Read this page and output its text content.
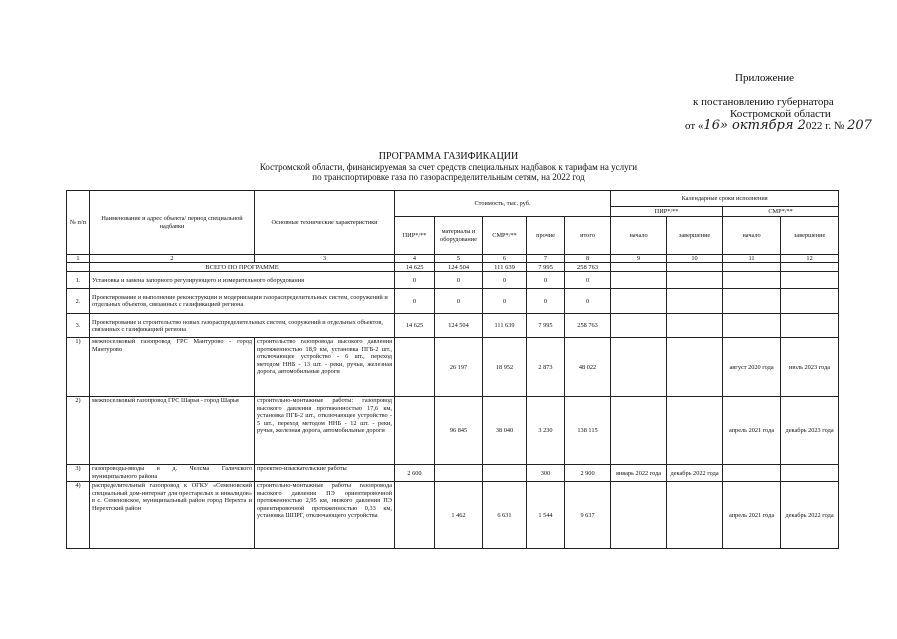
Приложение
к постановлению губернатора
Костромской области
от «16» октября 2022 г. № 207
ПРОГРАММА ГАЗИФИКАЦИИ
Костромской области, финансируемая за счет средств специальных надбавок к тарифам на услуги
по транспортировке газа по газораспределительным сетям, на 2022 год
№ п/п	Наименование и адрес объекта/ период специальной надбавки	Основные технические характеристики	Стоимость, тыс. руб.					Календарные сроки исполнения			
								ПИР*/**		СМР*/**	
			ПИР*/**	материалы и оборудование	СМР*/**	прочие	итого	начало	завершение	начало	завершение
1	2	3	4	5	6	7	8	9	10	11	12
	ВСЕГО ПО ПРОГРАММЕ		14 625	124 504	111 639	7 995	258 763				
1.	Установка и замена запорного регулирующего и измерительного оборудования		0	0	0	0	0				
2.	Проектирование и выполнение реконструкции и модернизации газораспределительных систем, сооружений и отдельных объектов, связанных с газификацией региона		0	0	0	0	0				
3.	Проектирование и строительство новых газораспределительных систем, сооружений и отдельных объектов, связанных с газификацией региона		14 625	124 504	111 639	7 995	258 763				
1)	межпоселковый газопровод ГРС Мантурово - город Мантурово	строительство газопровода высокого давления протяженностью 18,9 км, установка ПГБ-2 шт., отключающее устройство - 6 шт., переход методом ННБ - 13 шт. - реки, ручьи, железная дорога, автомобильные дороги		26 197	18 952	2 873	48 022			август 2020 года	июль 2023 года
2)	межпоселковый газопровод ГРС Шарья - город Шарья	строительно-монтажные работы: газопровод высокого давления протяженностью 17,6 км, установка ПГБ-2 шт., отключающее устройство - 5 шт., переход методом ННБ - 12 шт. - реки, ручьи, железная дорога, автомобильные дороги		96 845	38 040	3 230	138 115			апрель 2021 года	декабрь 2023 года
3)	газопроводы-вводы в д. Челсма Галичского муниципального района	проектно-изыскательские работы	2 600			300	2 900	январь 2022 года	декабрь 2022 года		
4)	распределительный газопровод к ОГКУ «Семеновский специальный дом-интернат для престарелых и инвалидов» в с. Семеновское, муниципальный район город Нерехта и Нерехтский район	строительно-монтажные работы газопровода высокого давления ПЭ ориентировочной протяженностью 2,95 км, низкого давления ПЭ ориентировочной протяженностью 0,33 км, установка ШПРГ, отключающего устройства		1 462	6 631	1 544	9 637			апрель 2021 года	декабрь 2022 года
